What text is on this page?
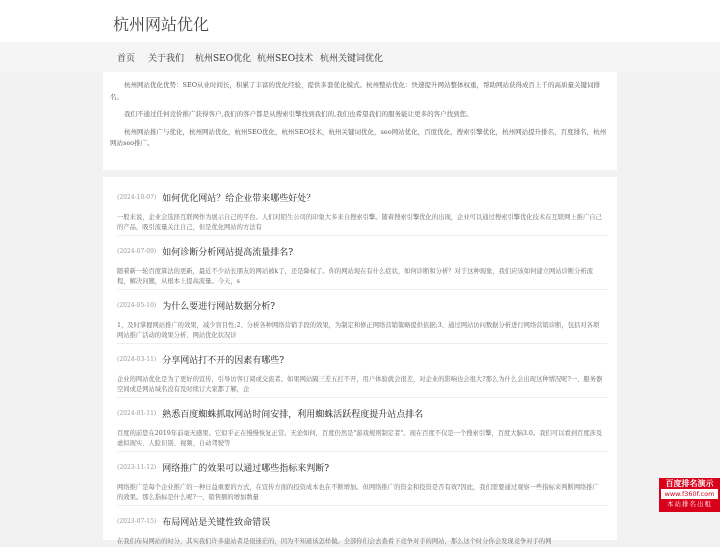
杭州网站优化
首页 关于我们 杭州SEO优化 杭州SEO技术 杭州关键词优化

杭州网站优化优势：SEO从业时间长，积累了丰富的优化经验，提供多套优化模式。杭州整站优化：快速提升网站整体权重，帮助网站获得成百上千的高质量关键词排名。

我们不通过任何竞价推广获得客户,我们的客户都是从搜索引擎找到我们的,我们也希望我们的服务能让更多的客户找到您。

杭州网站推广与优化，杭州网站优化，杭州SEO优化，杭州SEO技术，杭州关键词优化，seo网站优化，百度优化，搜索引擎优化，杭州网站提升排名，百度排名，杭州网站seo推广。

(2024-10-07) 如何优化网站？给企业带来哪些好处？
一般来说，企业会选择互联网作为展示自己的平台。人们对陌生公司的印象大多来自搜索引擎。随着搜索引擎优化的出现，企业可以通过搜索引擎优化技术在互联网上推广自己的产品，吸引流量关注自己，但是优化网站的方法有
(2024-07-09) 如何诊断分析网站提高流量排名?
随着新一轮百度算法的更新，最近不少站长朋友的网站被k了，还是降权了。你的网站现在有什么症状，如何诊断和分析？对于这种现象，我们应该如何建立网站诊断分析流程，解决问题，从根本上提高流量。今天，s
(2024-05-10) 为什么要进行网站数据分析?
1、及时掌握网站推广的效果，减少盲目性;2、分析各种网络营销手段的效果，为制定和修正网络营销策略提供依据;3、通过网站访问数据分析进行网络营销诊断，包括对各项网站推广活动的效果分析、网站优化状况诊
(2024-03-11) 分享网站打不开的因素有哪些?
企业的网站优化是为了更好的宣传，引导访客订阅或交流者。如果网站隔三差五打不开，用户体验就会很差，对企业的影响也会很大?那么为什么会出现这种情况呢?一、服务器空间或是网站域名没有及时续订大家都了解，企
(2024-01-11) 熟悉百度蜘蛛抓取网站时间安排，利用蜘蛛活跃程度提升站点排名
百度的前您在2019年前毫无感果。它似乎正在慢慢恢复正常。无论如何，百度仍然是"游戏规则制定者"。现在百度不仅是一个搜索引擎，百度大脑3.0。我们可以看到百度涉及虚拟现实、人脸识别、视频、自动驾驶等
(2023-11-12) 网络推广的效果可以通过哪些指标来判断?
网络推广是每个企业推广的一种日益重要的方式，在宣传方面的投资成本也在不断增加。但网络推广的资金和投资是否有效?因此，我们需要通过观察一些指标来判断网络推广的效果。那么指标是什么呢?一、销售额的增加数量
(2023-07-15) 布局网站是关键性致命错误
在我们布局网站的时分，其实我们许多建站者是很迷茫的，因为不知道该怎样做。全部你们会去查看下竞争对手的网站，那么这个时分你会发现竞争对手的网
百度排名演示
www.f360f.com
本站排名出租
